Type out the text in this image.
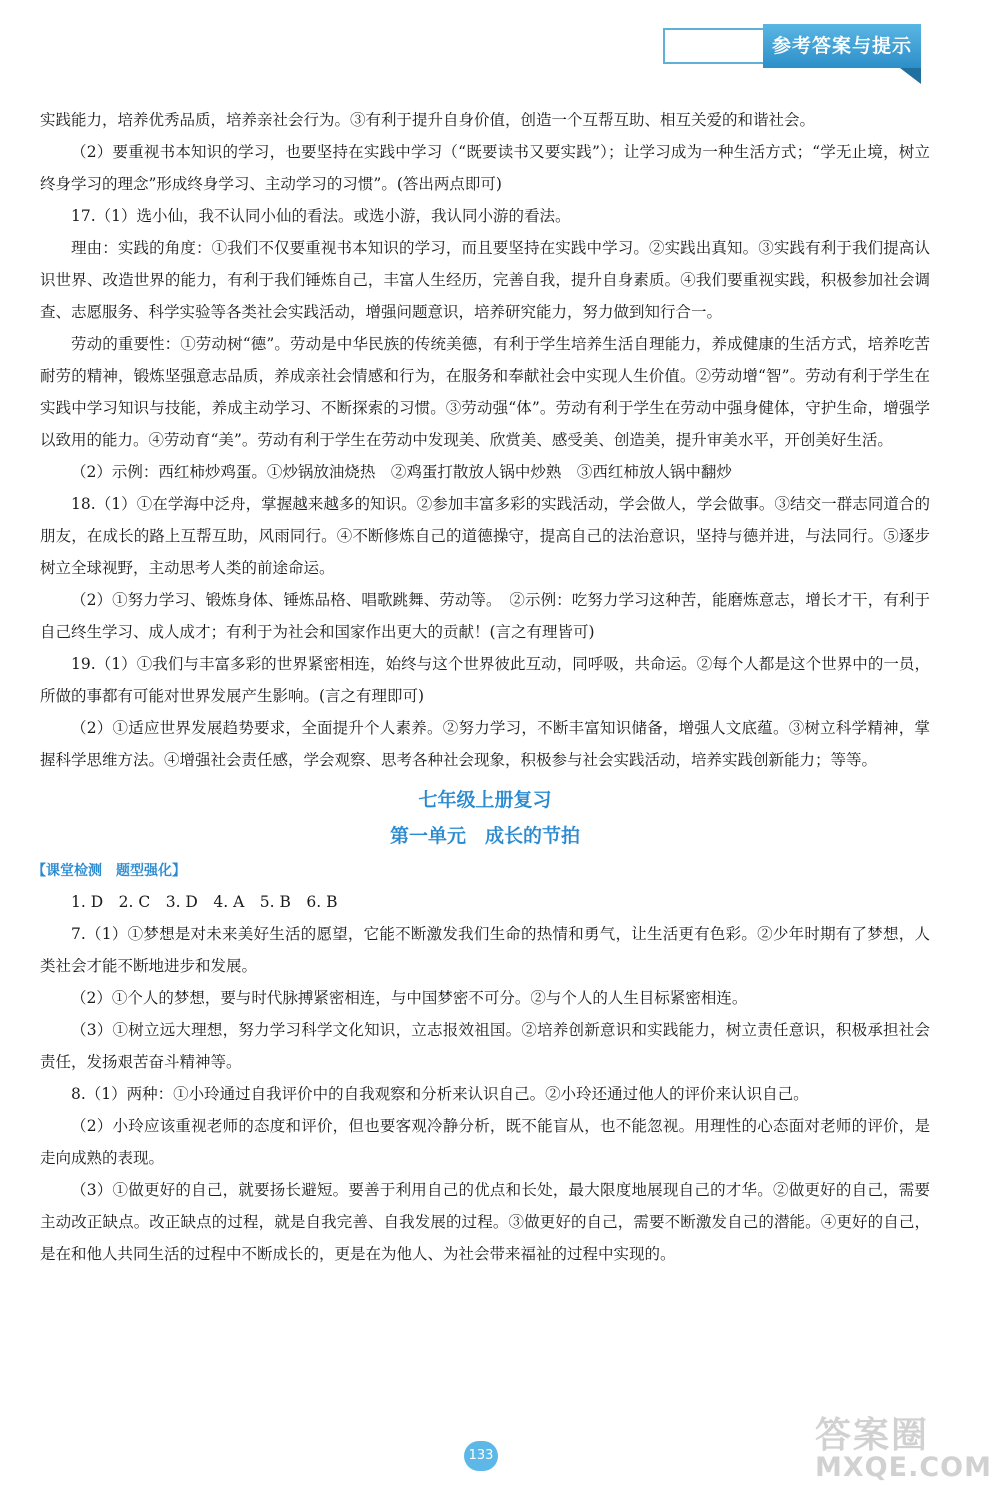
参考答案与提示

实践能力，培养优秀品质，培养亲社会行为。③有利于提升自身价值，创造一个互帮互助、相互关爱的和谐社会。

（2）要重视书本知识的学习，也要坚持在实践中学习（“既要读书又要实践”）；让学习成为一种生活方式；“学无止境，树立终身学习的理念”形成终身学习、主动学习的习惯”。(答出两点即可)

17.（1）选小仙，我不认同小仙的看法。或选小游，我认同小游的看法。

理由：实践的角度：①我们不仅要重视书本知识的学习，而且要坚持在实践中学习。②实践出真知。③实践有利于我们提高认识世界、改造世界的能力，有利于我们锤炼自己，丰富人生经历，完善自我，提升自身素质。④我们要重视实践，积极参加社会调查、志愿服务、科学实验等各类社会实践活动，增强问题意识，培养研究能力，努力做到知行合一。

劳动的重要性：①劳动树“德”。劳动是中华民族的传统美德，有利于学生培养生活自理能力，养成健康的生活方式，培养吃苦耐劳的精神，锻炼坚强意志品质，养成亲社会情感和行为，在服务和奉献社会中实现人生价值。②劳动增“智”。劳动有利于学生在实践中学习知识与技能，养成主动学习、不断探索的习惯。③劳动强“体”。劳动有利于学生在劳动中强身健体，守护生命，增强学以致用的能力。④劳动育“美”。劳动有利于学生在劳动中发现美、欣赏美、感受美、创造美，提升审美水平，开创美好生活。

（2）示例：西红柿炒鸡蛋。①炒锅放油烧热　②鸡蛋打散放人锅中炒熟　③西红柿放人锅中翻炒

18.（1）①在学海中泛舟，掌握越来越多的知识。②参加丰富多彩的实践活动，学会做人，学会做事。③结交一群志同道合的朋友，在成长的路上互帮互助，风雨同行。④不断修炼自己的道德操守，提高自己的法治意识，坚持与德并进，与法同行。⑤逐步树立全球视野，主动思考人类的前途命运。

（2）①努力学习、锻炼身体、锤炼品格、唱歌跳舞、劳动等。　②示例：吃努力学习这种苦，能磨炼意志，增长才干，有利于自己终生学习、成人成才；有利于为社会和国家作出更大的贡献！(言之有理皆可)

19.（1）①我们与丰富多彩的世界紧密相连，始终与这个世界彼此互动，同呼吸，共命运。②每个人都是这个世界中的一员，所做的事都有可能对世界发展产生影响。(言之有理即可)

（2）①适应世界发展趋势要求，全面提升个人素养。②努力学习，不断丰富知识储备，增强人文底蕴。③树立科学精神，掌握科学思维方法。④增强社会责任感，学会观察、思考各种社会现象，积极参与社会实践活动，培养实践创新能力；等等。

七年级上册复习

第一单元　成长的节拍

【课堂检测　题型强化】

1. D　2. C　3. D　4. A　5. B　6. B

7.（1）①梦想是对未来美好生活的愿望，它能不断激发我们生命的热情和勇气，让生活更有色彩。②少年时期有了梦想，人类社会才能不断地进步和发展。

（2）①个人的梦想，要与时代脉搏紧密相连，与中国梦密不可分。②与个人的人生目标紧密相连。

（3）①树立远大理想，努力学习科学文化知识，立志报效祖国。②培养创新意识和实践能力，树立责任意识，积极承担社会责任，发扬艰苦奋斗精神等。

8.（1）两种：①小玲通过自我评价中的自我观察和分析来认识自己。②小玲还通过他人的评价来认识自己。

（2）小玲应该重视老师的态度和评价，但也要客观冷静分析，既不能盲从，也不能忽视。用理性的心态面对老师的评价，是走向成熟的表现。

（3）①做更好的自己，就要扬长避短。要善于利用自己的优点和长处，最大限度地展现自己的才华。②做更好的自己，需要主动改正缺点。改正缺点的过程，就是自我完善、自我发展的过程。③做更好的自己，需要不断激发自己的潜能。④更好的自己，是在和他人共同生活的过程中不断成长的，更是在为他人、为社会带来福祉的过程中实现的。

133	答案圈
MXQE.COM
